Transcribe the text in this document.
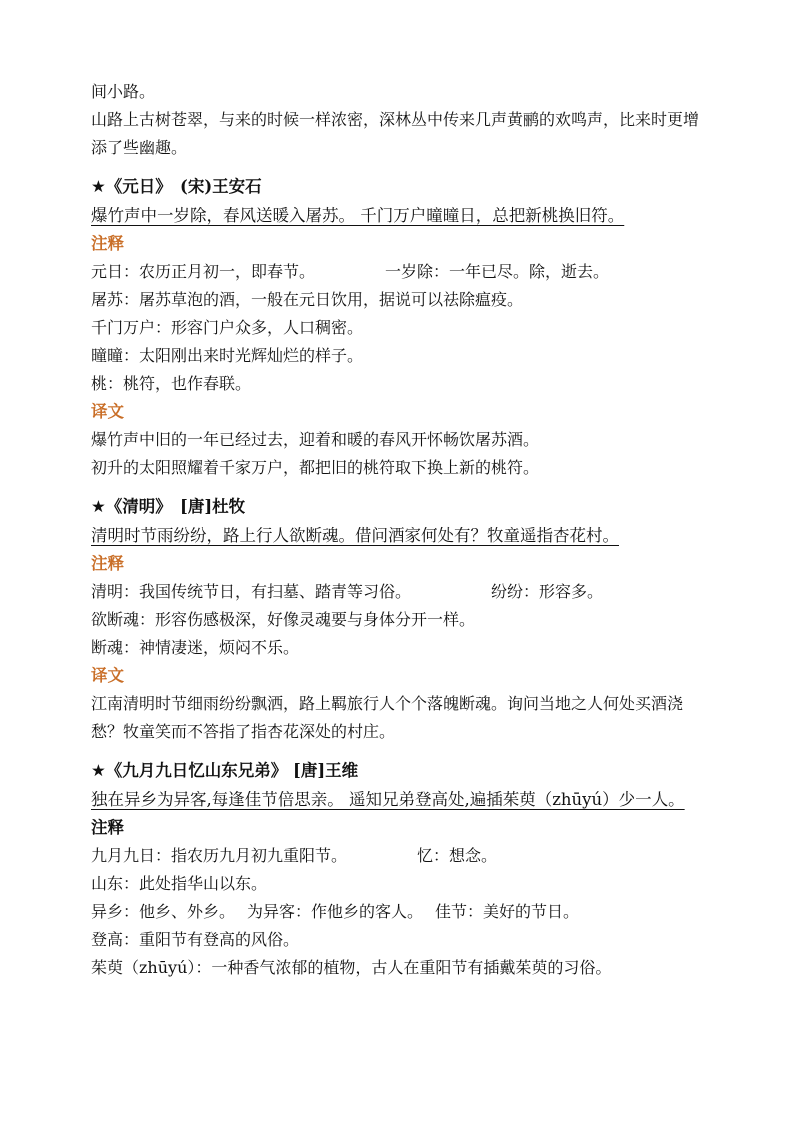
间小路。
山路上古树苍翠，与来的时候一样浓密，深林丛中传来几声黄鹂的欢鸣声，比来时更增添了些幽趣。
★《元日》　(宋)王安石
爆竹声中一岁除，春风送暖入屠苏。 千门万户曈曈日，总把新桃换旧符。
注释
元日：农历正月初一，即春节。	一岁除：一年已尽。除，逝去。
屠苏：屠苏草泡的酒，一般在元日饮用，据说可以祛除瘟疫。
千门万户：形容门户众多，人口稠密。
曈曈：太阳刚出来时光辉灿烂的样子。
桃：桃符，也作春联。
译文
爆竹声中旧的一年已经过去，迎着和暖的春风开怀畅饮屠苏酒。
初升的太阳照耀着千家万户，都把旧的桃符取下换上新的桃符。
★《清明》　[唐]杜牧
清明时节雨纷纷，路上行人欲断魂。借问酒家何处有？牧童遥指杏花村。
注释
清明：我国传统节日，有扫墓、踏青等习俗。	纷纷：形容多。
欲断魂：形容伤感极深，好像灵魂要与身体分开一样。
断魂：神情凄迷，烦闷不乐。
译文
江南清明时节细雨纷纷飘洒，路上羁旅行人个个落魄断魂。询问当地之人何处买酒浇愁？牧童笑而不答指了指杏花深处的村庄。
★《九月九日忆山东兄弟》 [唐]王维
独在异乡为异客,每逢佳节倍思亲。 遥知兄弟登高处,遍插茱萸（zhūyú）少一人。
注释
九月九日：指农历九月初九重阳节。	忆：想念。
山东：此处指华山以东。
异乡：他乡、外乡。 为异客：作他乡的客人。 佳节：美好的节日。
登高：重阳节有登高的风俗。
茱萸（zhūyú）：一种香气浓郁的植物，古人在重阳节有插戴茱萸的习俗。
